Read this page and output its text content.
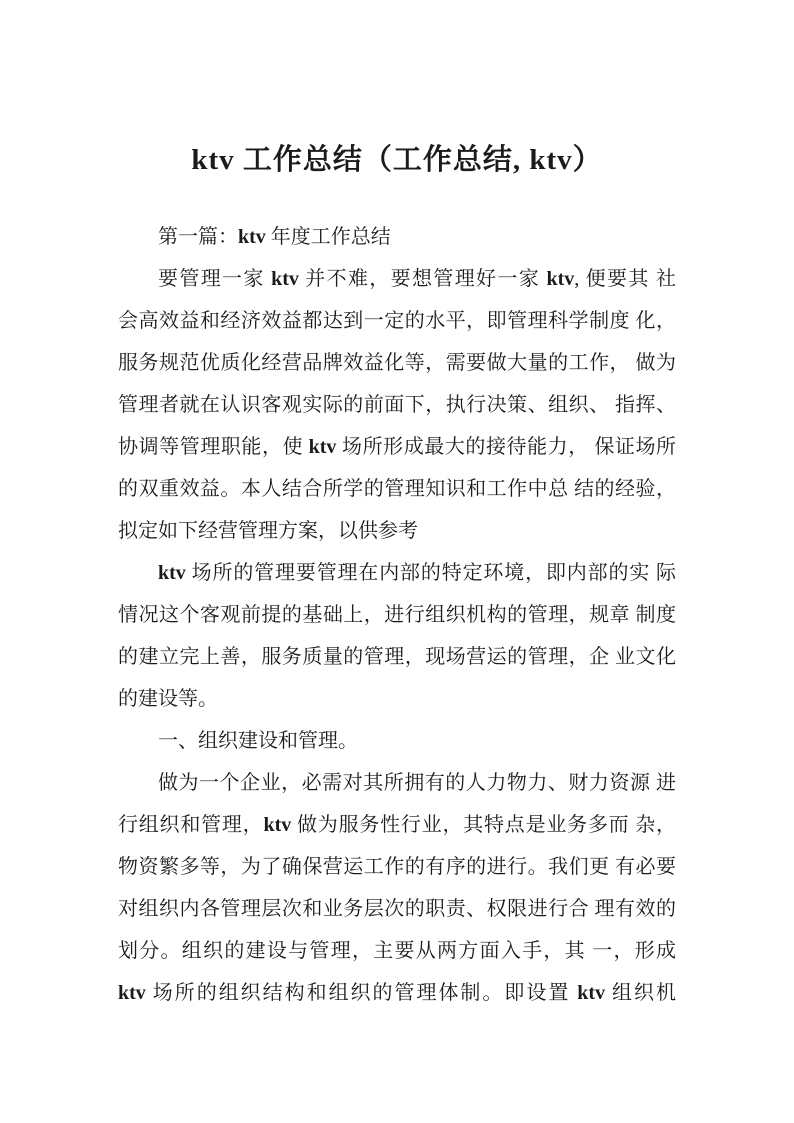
ktv 工作总结（工作总结, ktv）
第一篇：ktv 年度工作总结
要管理一家 ktv 并不难，要想管理好一家 ktv, 便要其 社
会高效益和经济效益都达到一定的水平，即管理科学制度 化，
服务规范优质化经营品牌效益化等，需要做大量的工作， 做为
管理者就在认识客观实际的前面下，执行决策、组织、 指挥、
协调等管理职能，使 ktv 场所形成最大的接待能力， 保证场所
的双重效益。本人结合所学的管理知识和工作中总 结的经验，
拟定如下经营管理方案，以供参考
ktv 场所的管理要管理在内部的特定环境，即内部的实 际
情况这个客观前提的基础上，进行组织机构的管理，规章 制度
的建立完上善，服务质量的管理，现场营运的管理，企 业文化
的建设等。
一、组织建设和管理。
做为一个企业，必需对其所拥有的人力物力、财力资源 进
行组织和管理，ktv 做为服务性行业，其特点是业务多而 杂，
物资繁多等，为了确保营运工作的有序的进行。我们更 有必要
对组织内各管理层次和业务层次的职责、权限进行合 理有效的
划分。组织的建设与管理，主要从两方面入手，其 一，形成
ktv 场所的组织结构和组织的管理体制。即设置 ktv 组织机
